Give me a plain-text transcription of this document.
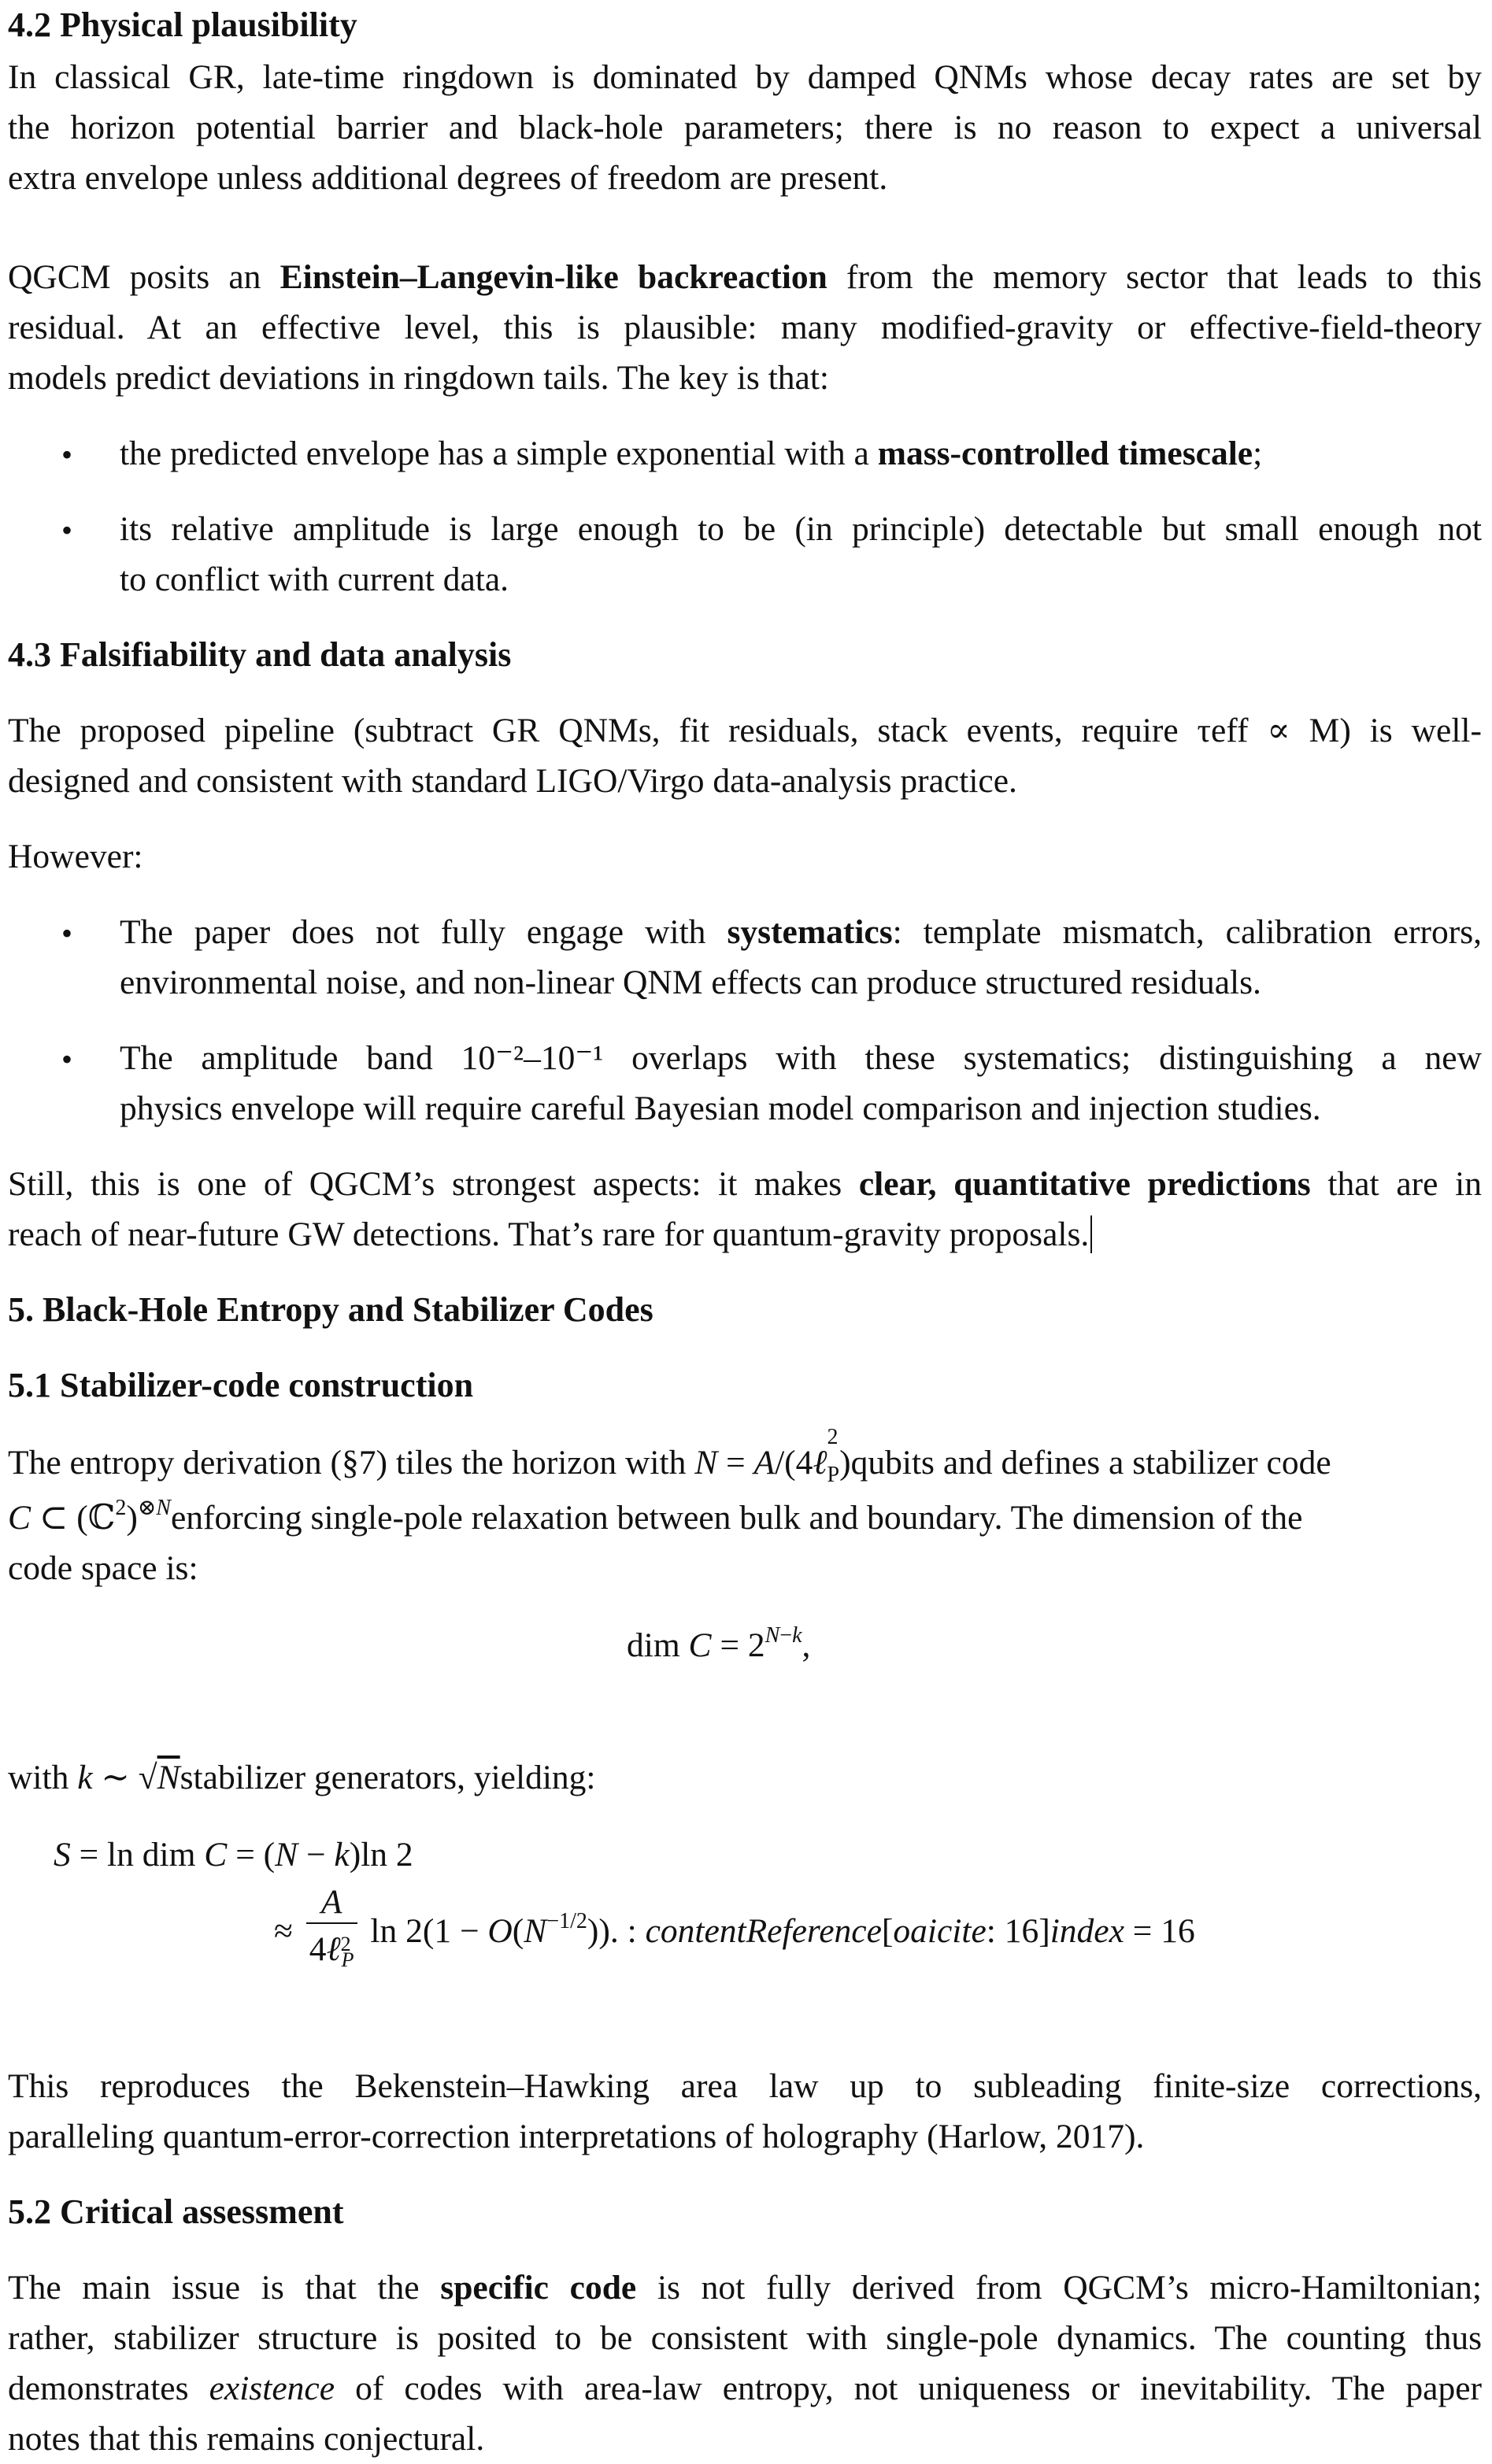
4.2 Physical plausibility
In classical GR, late-time ringdown is dominated by damped QNMs whose decay rates are set by
the horizon potential barrier and black-hole parameters; there is no reason to expect a universal
extra envelope unless additional degrees of freedom are present.
QGCM posits an Einstein–Langevin-like backreaction from the memory sector that leads to this
residual. At an effective level, this is plausible: many modified-gravity or effective-field-theory
models predict deviations in ringdown tails. The key is that:
• the predicted envelope has a simple exponential with a mass-controlled timescale;
• its relative amplitude is large enough to be (in principle) detectable but small enough not
to conflict with current data.
4.3 Falsifiability and data analysis
The proposed pipeline (subtract GR QNMs, fit residuals, stack events, require τeff ∝ M) is well-
designed and consistent with standard LIGO/Virgo data-analysis practice.
However:
• The paper does not fully engage with systematics: template mismatch, calibration errors,
environmental noise, and non-linear QNM effects can produce structured residuals.
• The amplitude band 10⁻²–10⁻¹ overlaps with these systematics; distinguishing a new
physics envelope will require careful Bayesian model comparison and injection studies.
Still, this is one of QGCM’s strongest aspects: it makes clear, quantitative predictions that are in
reach of near-future GW detections. That’s rare for quantum-gravity proposals.
5. Black-Hole Entropy and Stabilizer Codes
5.1 Stabilizer-code construction
The entropy derivation (§7) tiles the horizon with N = A/(4ℓ
$^2$
$_P$)qubits and defines a stabilizer code
C ⊂ (ℂ$^2$)$^{\otimes N}$enforcing single-pole relaxation between bulk and boundary. The dimension of the
code space is:
dim $C = 2^{N-k}$,
with k ∼ √Nstabilizer generators, yielding:
S = ln dim C = (N − k)ln 2
≈ $\frac{A}{4\ell^2P}$ $\ln 2(1 - O(N^{-1/2}))$. : contentReference[oaicite: 16]index = 16
This reproduces the Bekenstein–Hawking area law up to subleading finite-size corrections,
paralleling quantum-error-correction interpretations of holography (Harlow, 2017).
5.2 Critical assessment
The main issue is that the specific code is not fully derived from QGCM’s micro-Hamiltonian;
rather, stabilizer structure is posited to be consistent with single-pole dynamics. The counting thus
demonstrates existence of codes with area-law entropy, not uniqueness or inevitability. The paper
notes that this remains conjectural.
